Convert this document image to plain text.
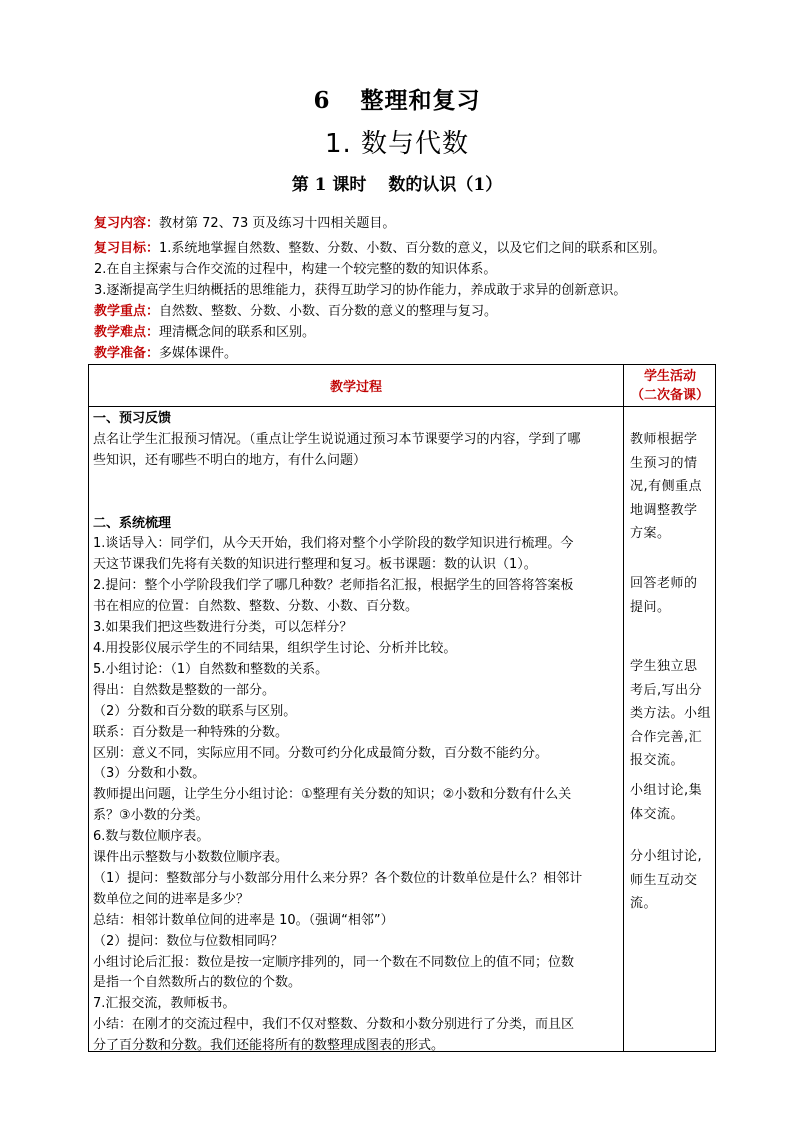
6 整理和复习
1. 数与代数
第 1 课时 数的认识（1）
复习内容：教材第 72、73 页及练习十四相关题目。
复习目标：1.系统地掌握自然数、整数、分数、小数、百分数的意义，以及它们之间的联系和区别。
2.在自主探索与合作交流的过程中，构建一个较完整的数的知识体系。
3.逐渐提高学生归纳概括的思维能力，获得互助学习的协作能力，养成敢于求异的创新意识。
教学重点：自然数、整数、分数、小数、百分数的意义的整理与复习。
教学难点：理清概念间的联系和区别。
教学准备：多媒体课件。
教学过程
学生活动
（二次备课）

一、预习反馈

点名让学生汇报预习情况。（重点让学生说说通过预习本节课要学习的内容，学到了哪

些知识，还有哪些不明白的地方，有什么问题）

二、系统梳理

1.谈话导入：同学们，从今天开始，我们将对整个小学阶段的数学知识进行梳理。今

天这节课我们先将有关数的知识进行整理和复习。板书课题：数的认识（1）。

2.提问：整个小学阶段我们学了哪几种数？老师指名汇报，根据学生的回答将答案板

书在相应的位置：自然数、整数、分数、小数、百分数。

3.如果我们把这些数进行分类，可以怎样分？

4.用投影仪展示学生的不同结果，组织学生讨论、分析并比较。

5.小组讨论：（1）自然数和整数的关系。

得出：自然数是整数的一部分。

（2）分数和百分数的联系与区别。

联系：百分数是一种特殊的分数。

区别：意义不同，实际应用不同。分数可约分化成最简分数，百分数不能约分。

（3）分数和小数。

教师提出问题，让学生分小组讨论：①整理有关分数的知识；②小数和分数有什么关

系？③小数的分类。

6.数与数位顺序表。

课件出示整数与小数数位顺序表。

（1）提问：整数部分与小数部分用什么来分界？各个数位的计数单位是什么？相邻计

数单位之间的进率是多少？

总结：相邻计数单位间的进率是 10。（强调“相邻”）

（2）提问：数位与位数相同吗？

小组讨论后汇报：数位是按一定顺序排列的，同一个数在不同数位上的值不同；位数

是指一个自然数所占的数位的个数。

7.汇报交流，教师板书。

小结：在刚才的交流过程中，我们不仅对整数、分数和小数分别进行了分类，而且区

分了百分数和分数。我们还能将所有的数整理成图表的形式。

教师根据学
生预习的情
况,有侧重点
地调整教学
方案。
回答老师的
提问。
学生独立思
考后,写出分
类方法。小组
合作完善,汇
报交流。
小组讨论,集
体交流。
分小组讨论,
师生互动交
流。
